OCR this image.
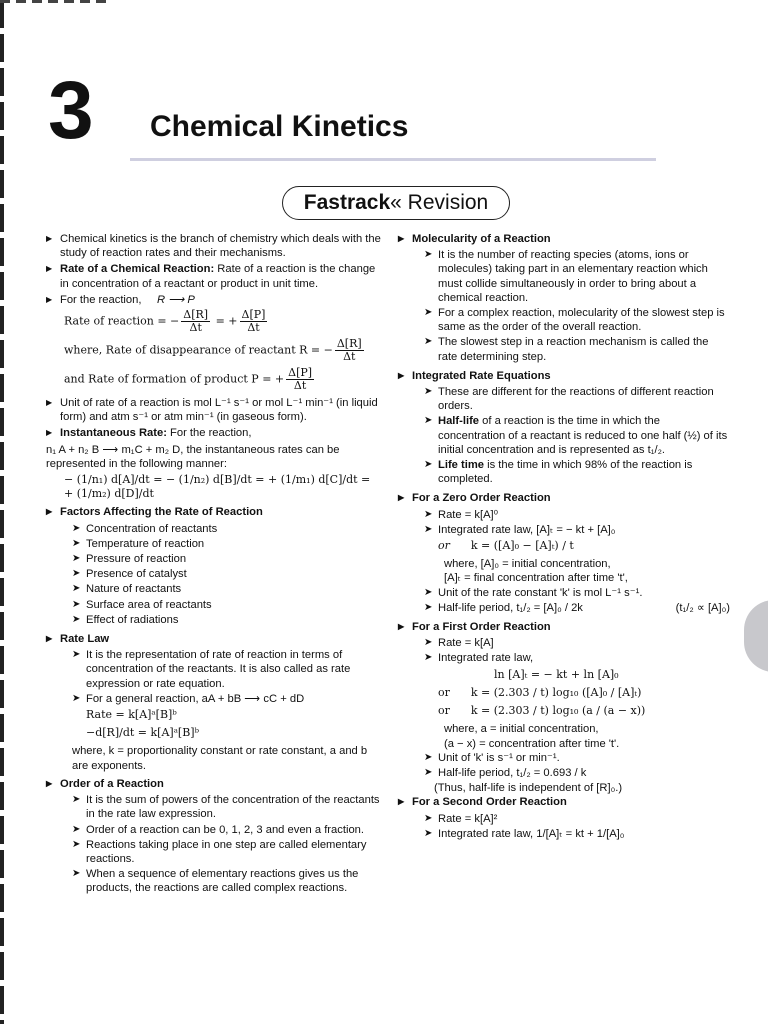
3 Chemical Kinetics
Fastrack« Revision
▶ Chemical kinetics is the branch of chemistry which deals with the study of reaction rates and their mechanisms.
▶ Rate of a Chemical Reaction: Rate of a reaction is the change in concentration of a reactant or product in unit time.
▶ For the reaction, R ⟶ P
Rate of reaction = − $\frac{\Delta[R]}{\Delta t}$ = + $\frac{\Delta[P]}{\Delta t}$
where, Rate of disappearance of reactant R = − $\frac{\Delta[R]}{\Delta t}$
and Rate of formation of product P = + $\frac{\Delta[P]}{\Delta t}$
▶ Unit of rate of a reaction is mol L⁻¹ s⁻¹ or mol L⁻¹ min⁻¹ (in liquid form) and atm s⁻¹ or atm min⁻¹ (in gaseous form).
▶ Instantaneous Rate: For the reaction,
n₁ A + n₂ B ⟶ m₁C + m₂ D, the instantaneous rates can be represented in the following manner:
− (1/n₁) d[A]/dt = − (1/n₂) d[B]/dt = + (1/m₁) d[C]/dt = + (1/m₂) d[D]/dt
▶ Factors Affecting the Rate of Reaction
➤ Concentration of reactants
➤ Temperature of reaction
➤ Pressure of reaction
➤ Presence of catalyst
➤ Nature of reactants
➤ Surface area of reactants
➤ Effect of radiations
▶ Rate Law
➤ It is the representation of rate of reaction in terms of concentration of the reactants. It is also called as rate expression or rate equation.
➤ For a general reaction, aA + bB ⟶ cC + dD
Rate = k[A]ᵃ[B]ᵇ
−d[R]/dt = k[A]ᵃ[B]ᵇ
where, k = proportionality constant or rate constant, a and b are exponents.
▶ Order of a Reaction
➤ It is the sum of powers of the concentration of the reactants in the rate law expression.
➤ Order of a reaction can be 0, 1, 2, 3 and even a fraction.
➤ Reactions taking place in one step are called elementary reactions.
➤ When a sequence of elementary reactions gives us the products, the reactions are called complex reactions.
▶ Molecularity of a Reaction
➤ It is the number of reacting species (atoms, ions or molecules) taking part in an elementary reaction which must collide simultaneously in order to bring about a chemical reaction.
➤ For a complex reaction, molecularity of the slowest step is same as the order of the overall reaction.
➤ The slowest step in a reaction mechanism is called the rate determining step.
▶ Integrated Rate Equations
➤ These are different for the reactions of different reaction orders.
➤ Half-life of a reaction is the time in which the concentration of a reactant is reduced to one half (½) of its initial concentration and is represented as t₁/₂.
➤ Life time is the time in which 98% of the reaction is completed.
▶ For a Zero Order Reaction
➤ Rate = k[A]⁰
➤ Integrated rate law, [A]ₜ = − kt + [A]₀
or k = ([A]₀ − [A]ₜ) / t
where, [A]₀ = initial concentration,
[A]ₜ = final concentration after time 't',
➤ Unit of the rate constant 'k' is mol L⁻¹ s⁻¹.
➤ Half-life period, t₁/₂ = [A]₀ / 2k	(t₁/₂ ∝ [A]₀)
▶ For a First Order Reaction
➤ Rate = k[A]
➤ Integrated rate law,
ln [A]ₜ = − kt + ln [A]₀
or k = (2.303 / t) log₁₀ ([A]₀ / [A]ₜ)
or k = (2.303 / t) log₁₀ (a / (a − x))
where, a = initial concentration,
(a − x) = concentration after time 't'.
➤ Unit of 'k' is s⁻¹ or min⁻¹.
➤ Half-life period, t₁/₂ = 0.693 / k
(Thus, half-life is independent of [R]₀.)
▶ For a Second Order Reaction
➤ Rate = k[A]²
➤ Integrated rate law, 1/[A]ₜ = kt + 1/[A]₀
